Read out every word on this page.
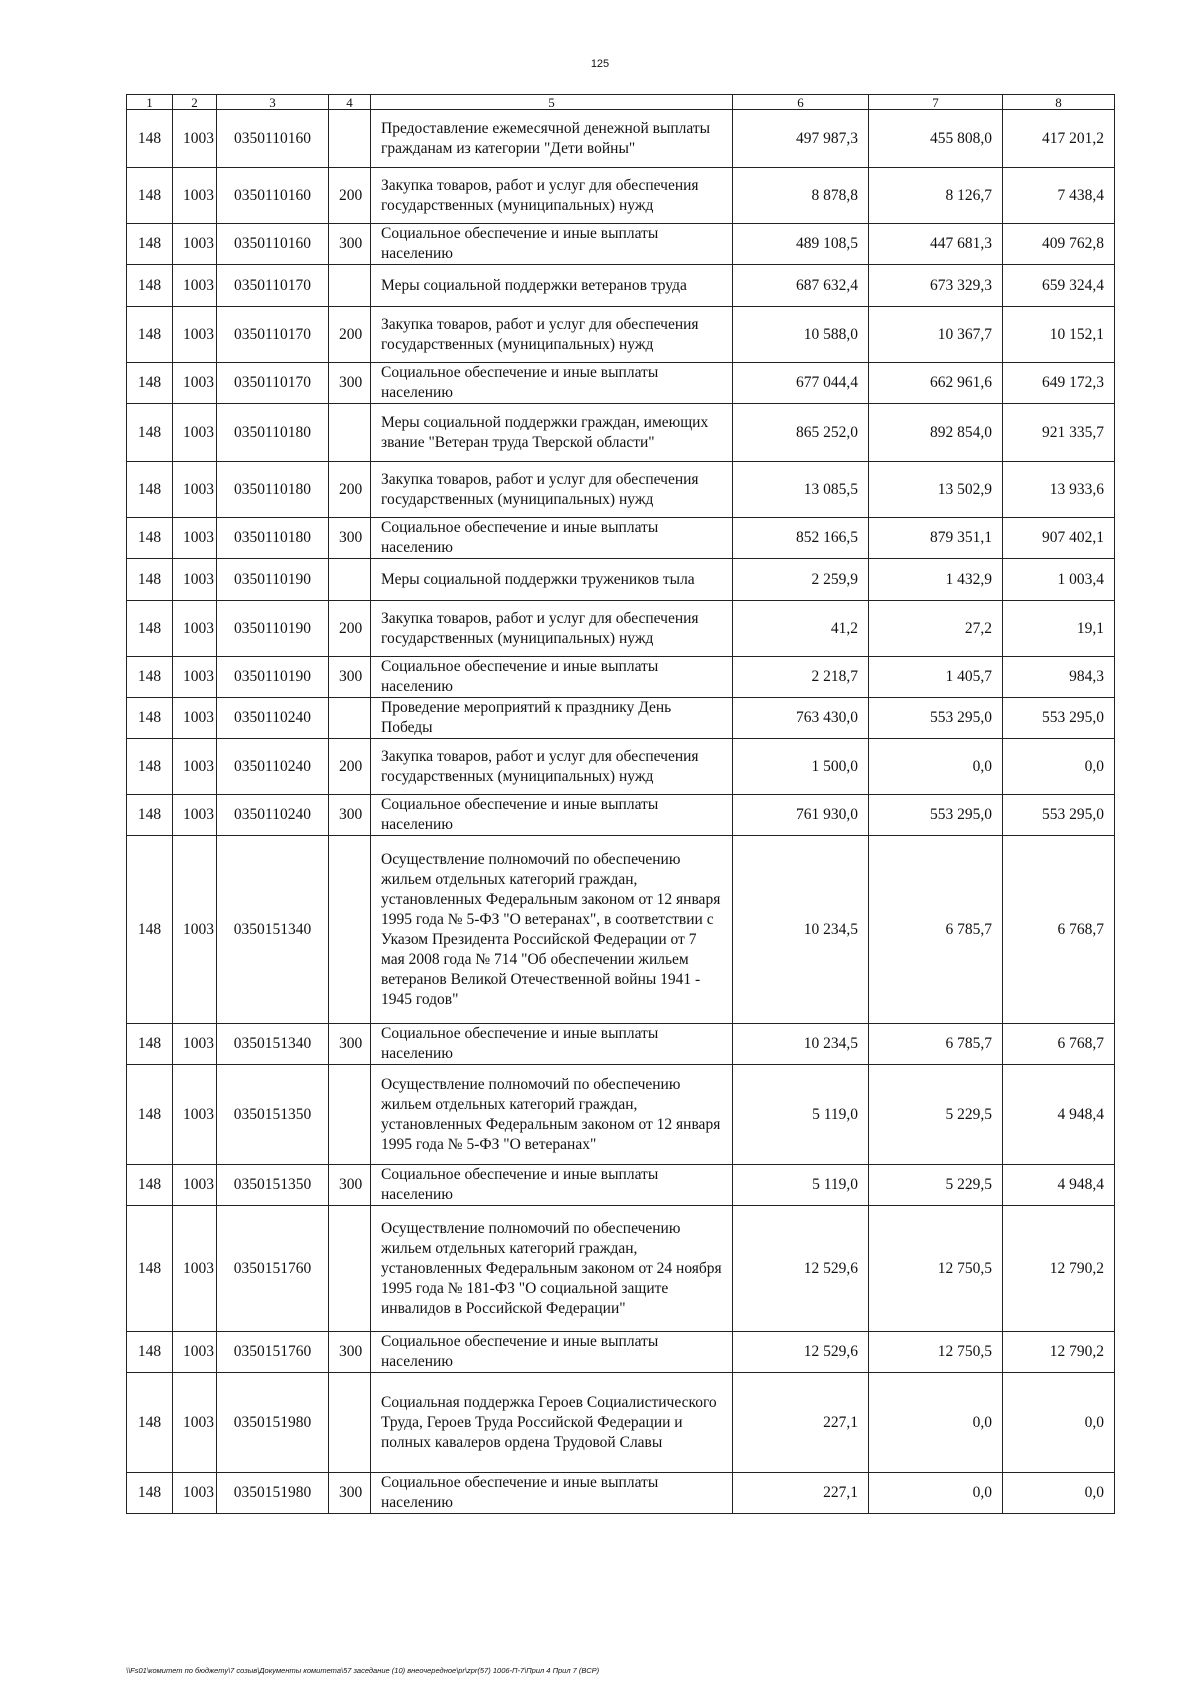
125
1	2	3	4	5	6	7	8
148	1003	0350110160		Предоставление ежемесячной денежной выплаты гражданам из категории "Дети войны"	497 987,3	455 808,0	417 201,2
148	1003	0350110160	200	Закупка товаров, работ и услуг для обеспечения государственных (муниципальных) нужд	8 878,8	8 126,7	7 438,4
148	1003	0350110160	300	Социальное обеспечение и иные выплаты населению	489 108,5	447 681,3	409 762,8
148	1003	0350110170		Меры социальной поддержки ветеранов труда	687 632,4	673 329,3	659 324,4
148	1003	0350110170	200	Закупка товаров, работ и услуг для обеспечения государственных (муниципальных) нужд	10 588,0	10 367,7	10 152,1
148	1003	0350110170	300	Социальное обеспечение и иные выплаты населению	677 044,4	662 961,6	649 172,3
148	1003	0350110180		Меры социальной поддержки граждан, имеющих звание "Ветеран труда Тверской области"	865 252,0	892 854,0	921 335,7
148	1003	0350110180	200	Закупка товаров, работ и услуг для обеспечения государственных (муниципальных) нужд	13 085,5	13 502,9	13 933,6
148	1003	0350110180	300	Социальное обеспечение и иные выплаты населению	852 166,5	879 351,1	907 402,1
148	1003	0350110190		Меры социальной поддержки тружеников тыла	2 259,9	1 432,9	1 003,4
148	1003	0350110190	200	Закупка товаров, работ и услуг для обеспечения государственных (муниципальных) нужд	41,2	27,2	19,1
148	1003	0350110190	300	Социальное обеспечение и иные выплаты населению	2 218,7	1 405,7	984,3
148	1003	0350110240		Проведение мероприятий к празднику День Победы	763 430,0	553 295,0	553 295,0
148	1003	0350110240	200	Закупка товаров, работ и услуг для обеспечения государственных (муниципальных) нужд	1 500,0	0,0	0,0
148	1003	0350110240	300	Социальное обеспечение и иные выплаты населению	761 930,0	553 295,0	553 295,0
148	1003	0350151340		Осуществление полномочий по обеспечению жильем отдельных категорий граждан, установленных Федеральным законом от 12 января 1995 года № 5-ФЗ "О ветеранах", в соответствии с Указом Президента Российской Федерации от 7 мая 2008 года № 714 "Об обеспечении жильем ветеранов Великой Отечественной войны 1941 - 1945 годов"	10 234,5	6 785,7	6 768,7
148	1003	0350151340	300	Социальное обеспечение и иные выплаты населению	10 234,5	6 785,7	6 768,7
148	1003	0350151350		Осуществление полномочий по обеспечению жильем отдельных категорий граждан, установленных Федеральным законом от 12 января 1995 года № 5-ФЗ "О ветеранах"	5 119,0	5 229,5	4 948,4
148	1003	0350151350	300	Социальное обеспечение и иные выплаты населению	5 119,0	5 229,5	4 948,4
148	1003	0350151760		Осуществление полномочий по обеспечению жильем отдельных категорий граждан, установленных Федеральным законом от 24 ноября 1995 года № 181-ФЗ "О социальной защите инвалидов в Российской Федерации"	12 529,6	12 750,5	12 790,2
148	1003	0350151760	300	Социальное обеспечение и иные выплаты населению	12 529,6	12 750,5	12 790,2
148	1003	0350151980		Социальная поддержка Героев Социалистического Труда, Героев Труда Российской Федерации и полных кавалеров ордена Трудовой Славы	227,1	0,0	0,0
148	1003	0350151980	300	Социальное обеспечение и иные выплаты населению	227,1	0,0	0,0
\\Fs01\комитет по бюджету\7 созыв\Документы комитета\57 заседание (10) внеочередное\pr\zpr(57) 1006-П-7\Прил 4 Прил 7 (ВСР)
